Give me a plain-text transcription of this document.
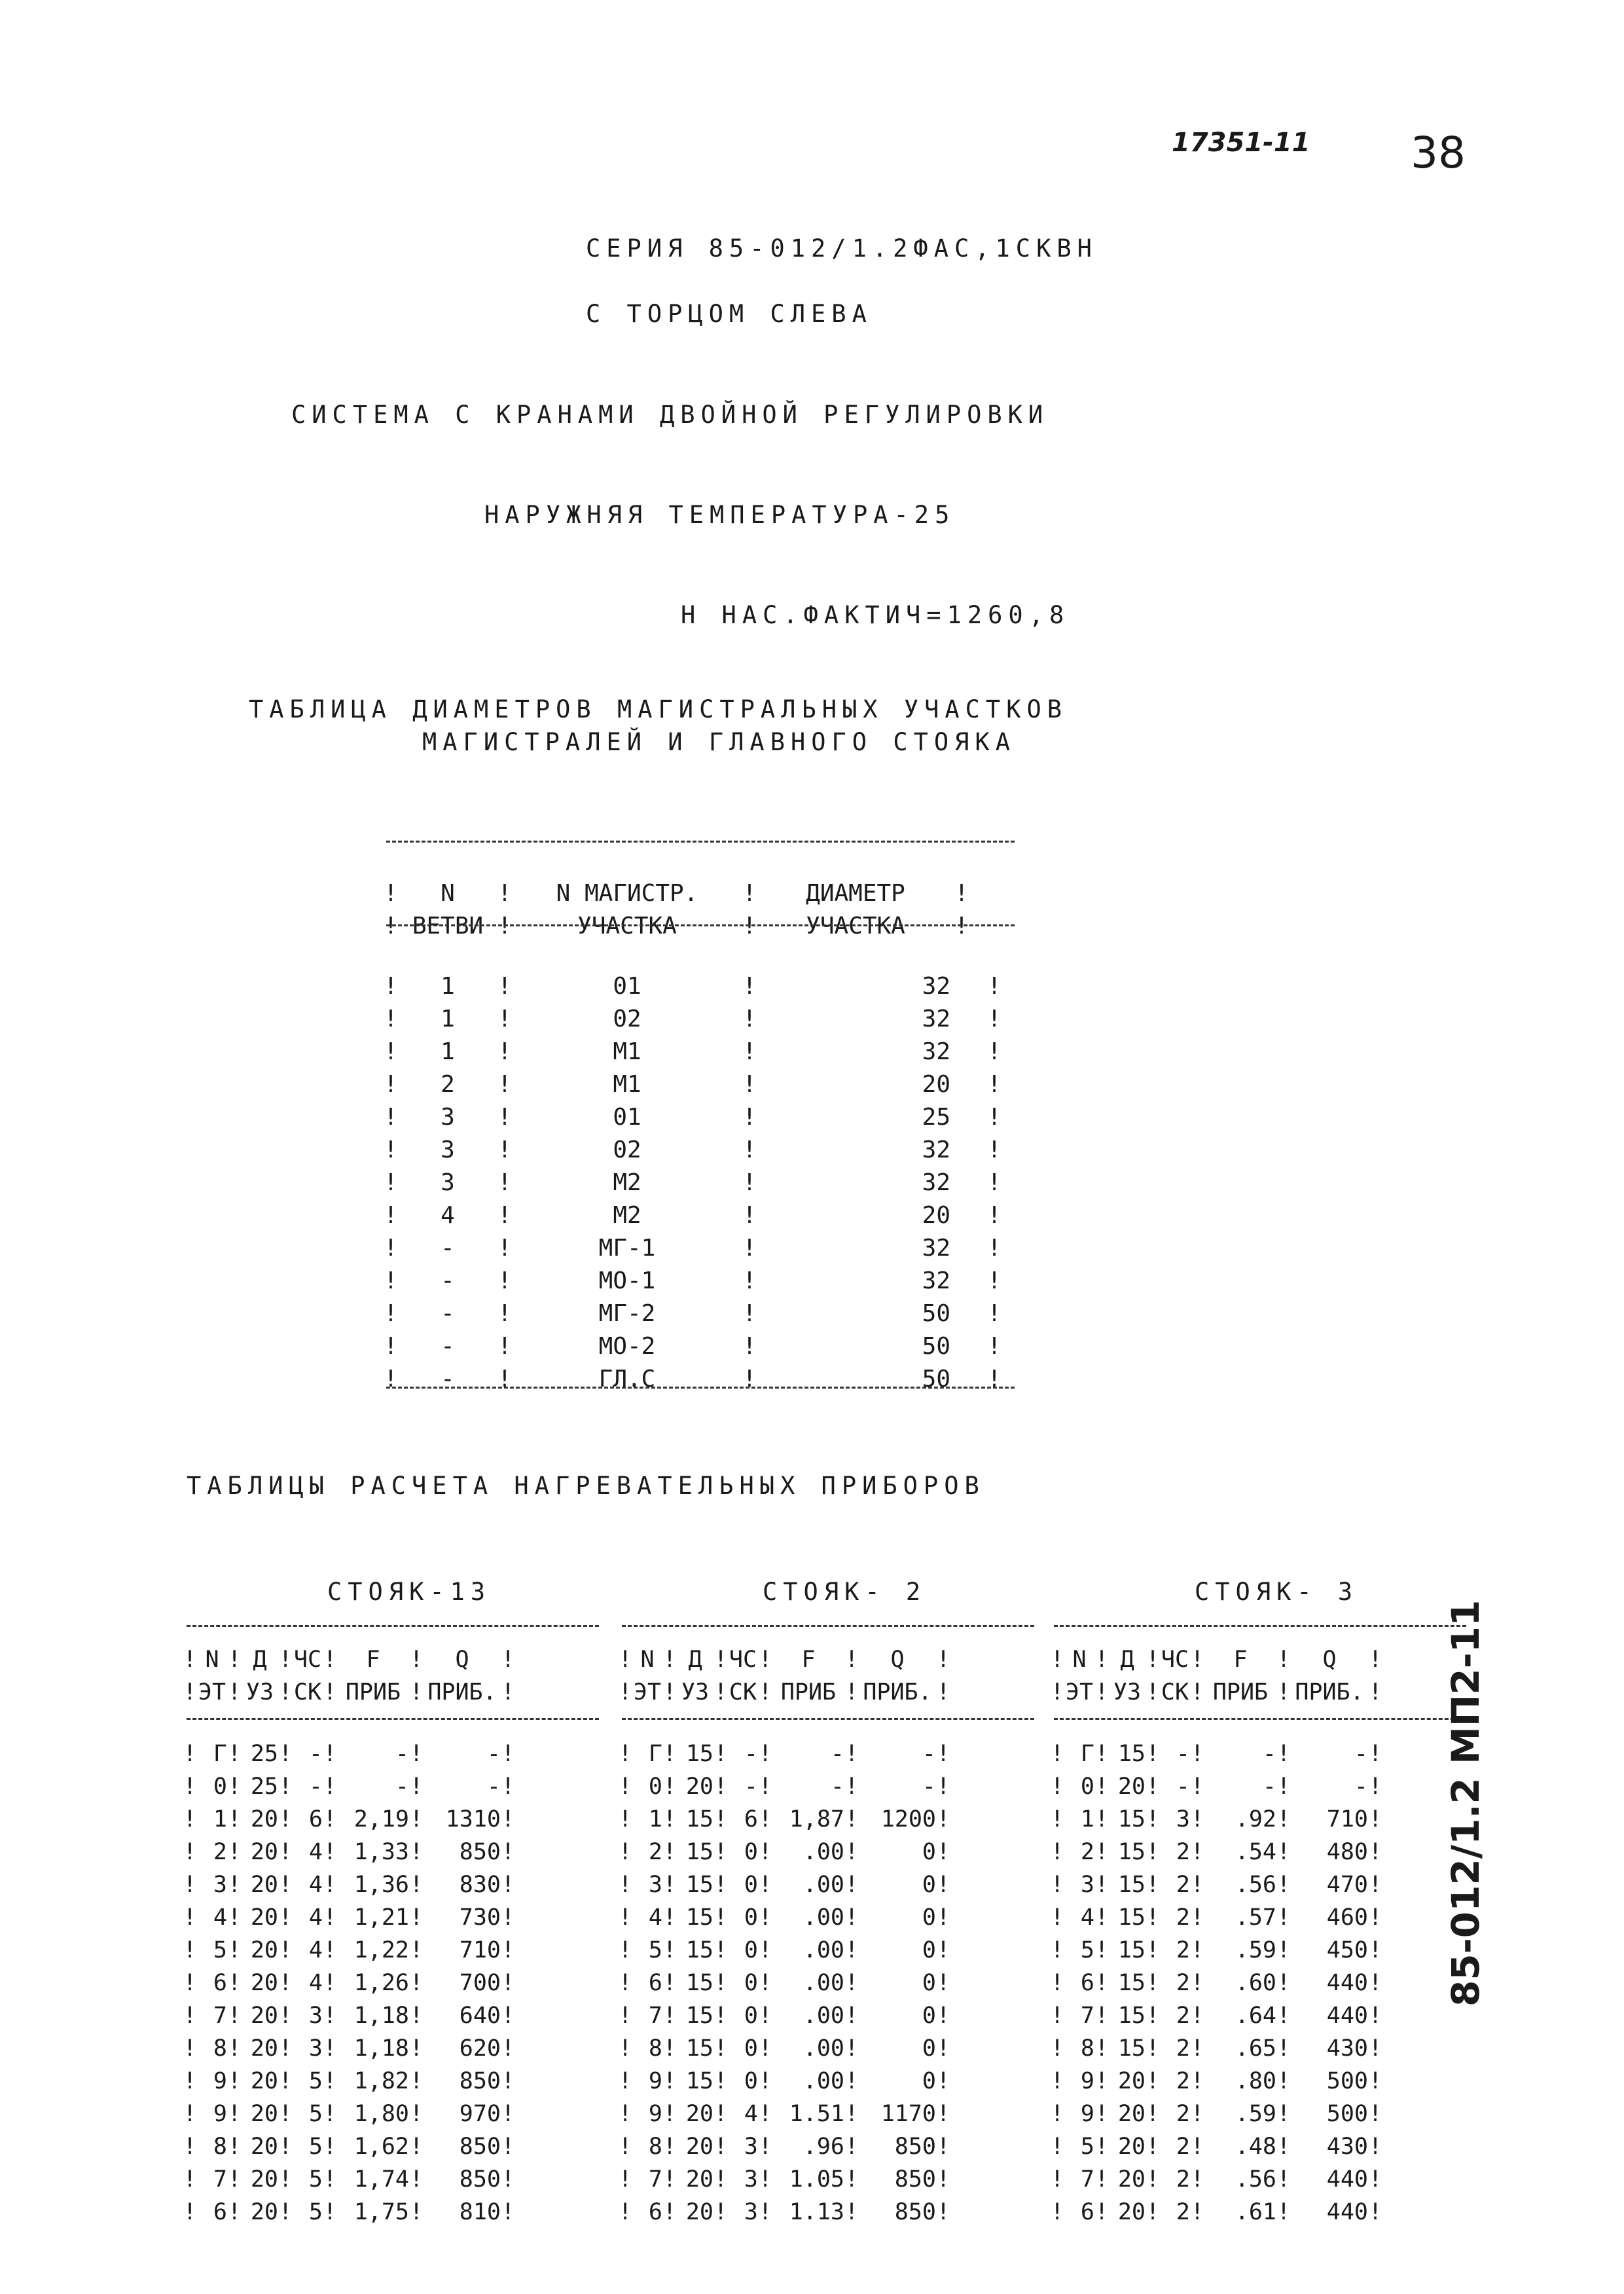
17351-11 38
СЕРИЯ 85-012/1.2ФАС,1СКВН
С ТОРЦОМ СЛЕВА
СИСТЕМА С КРАНАМИ ДВОЙНОЙ РЕГУЛИРОВКИ
НАРУЖНЯЯ ТЕМПЕРАТУРА-25
Н НАС.ФАКТИЧ=1260,8
ТАБЛИЦА ДИАМЕТРОВ МАГИСТРАЛЬНЫХ УЧАСТКОВ
МАГИСТРАЛЕЙ И ГЛАВНОГО СТОЯКА

!	N	!	N МАГИСТР.	!	ДИАМЕТР	!
!	ВЕТВИ	!	УЧАСТКА	!	УЧАСТКА	!

!	1	!	01	!	32	!
!	1	!	02	!	32	!
!	1	!	М1	!	32	!
!	2	!	М1	!	20	!
!	3	!	01	!	25	!
!	3	!	02	!	32	!
!	3	!	М2	!	32	!
!	4	!	М2	!	20	!
!	-	!	МГ-1	!	32	!
!	-	!	МО-1	!	32	!
!	-	!	МГ-2	!	50	!
!	-	!	МО-2	!	50	!
!	-	!	ГЛ.С	!	50	!

ТАБЛИЦЫ РАСЧЕТА НАГРЕВАТЕЛЬНЫХ ПРИБОРОВ
СТОЯК-13
!	N	!	Д	!	ЧС	!	F	!	Q	!
!	ЭТ	!	У3	!	СК	!	ПРИБ	!	ПРИБ.	!
!	Г	!	25	!	-	!	-	!	-	!
!	0	!	25	!	-	!	-	!	-	!
!	1	!	20	!	6	!	2,19	!	1310	!
!	2	!	20	!	4	!	1,33	!	850	!
!	3	!	20	!	4	!	1,36	!	830	!
!	4	!	20	!	4	!	1,21	!	730	!
!	5	!	20	!	4	!	1,22	!	710	!
!	6	!	20	!	4	!	1,26	!	700	!
!	7	!	20	!	3	!	1,18	!	640	!
!	8	!	20	!	3	!	1,18	!	620	!
!	9	!	20	!	5	!	1,82	!	850	!
!	9	!	20	!	5	!	1,80	!	970	!
!	8	!	20	!	5	!	1,62	!	850	!
!	7	!	20	!	5	!	1,74	!	850	!
!	6	!	20	!	5	!	1,75	!	810	!
СТОЯК- 2
!	N	!	Д	!	ЧС	!	F	!	Q	!
!	ЭТ	!	У3	!	СК	!	ПРИБ	!	ПРИБ.	!
!	Г	!	15	!	-	!	-	!	-	!
!	0	!	20	!	-	!	-	!	-	!
!	1	!	15	!	6	!	1,87	!	1200	!
!	2	!	15	!	0	!	.00	!	0	!
!	3	!	15	!	0	!	.00	!	0	!
!	4	!	15	!	0	!	.00	!	0	!
!	5	!	15	!	0	!	.00	!	0	!
!	6	!	15	!	0	!	.00	!	0	!
!	7	!	15	!	0	!	.00	!	0	!
!	8	!	15	!	0	!	.00	!	0	!
!	9	!	15	!	0	!	.00	!	0	!
!	9	!	20	!	4	!	1.51	!	1170	!
!	8	!	20	!	3	!	.96	!	850	!
!	7	!	20	!	3	!	1.05	!	850	!
!	6	!	20	!	3	!	1.13	!	850	!
СТОЯК- 3
!	N	!	Д	!	ЧС	!	F	!	Q	!
!	ЭТ	!	У3	!	СК	!	ПРИБ	!	ПРИБ.	!
!	Г	!	15	!	-	!	-	!	-	!
!	0	!	20	!	-	!	-	!	-	!
!	1	!	15	!	3	!	.92	!	710	!
!	2	!	15	!	2	!	.54	!	480	!
!	3	!	15	!	2	!	.56	!	470	!
!	4	!	15	!	2	!	.57	!	460	!
!	5	!	15	!	2	!	.59	!	450	!
!	6	!	15	!	2	!	.60	!	440	!
!	7	!	15	!	2	!	.64	!	440	!
!	8	!	15	!	2	!	.65	!	430	!
!	9	!	20	!	2	!	.80	!	500	!
!	9	!	20	!	2	!	.59	!	500	!
!	5	!	20	!	2	!	.48	!	430	!
!	7	!	20	!	2	!	.56	!	440	!
!	6	!	20	!	2	!	.61	!	440	!
85-012/1.2 МП2-11
